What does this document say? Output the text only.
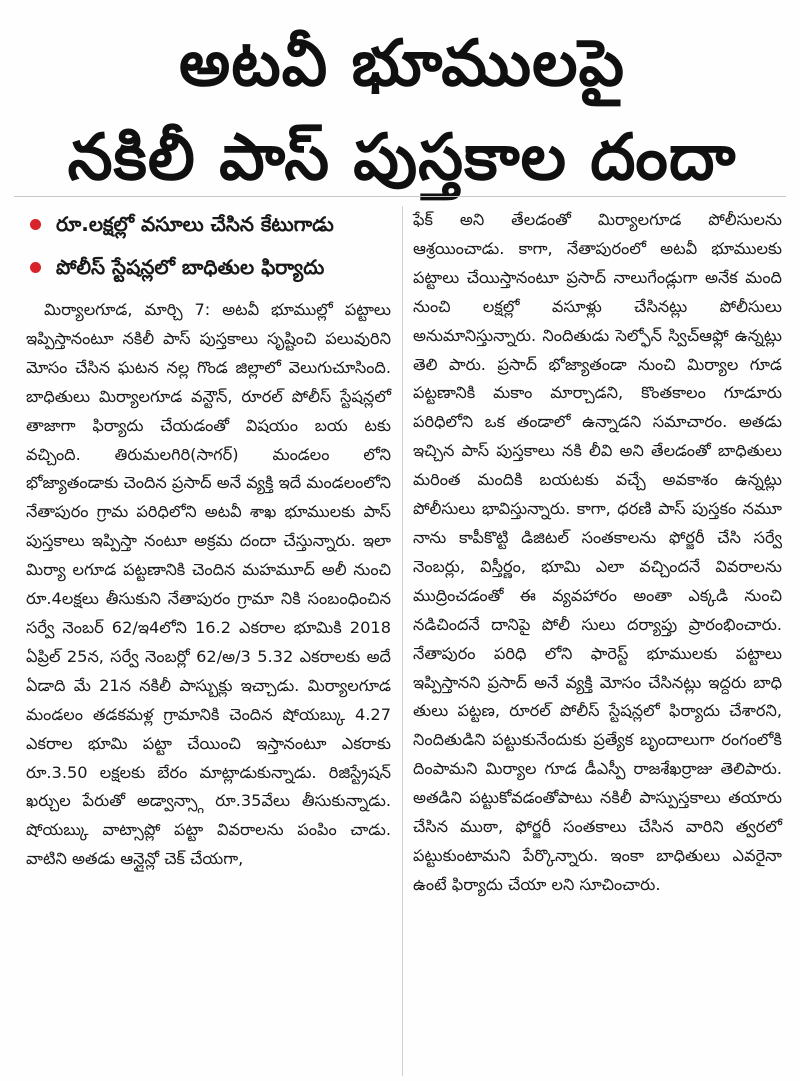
అటవీ భూములపై
నకిలీ పాస్ పుస్తకాల దందా
రూ.లక్షల్లో వసూలు చేసిన కేటుగాడు
పోలీస్ స్టేషన్లలో బాధితుల ఫిర్యాదు
మిర్యాలగూడ, మార్చి 7: అటవీ భూముల్లో పట్టాలు ఇప్పిస్తానంటూ నకిలీ పాస్ పుస్తకాలు సృష్టించి పలువురిని మోసం చేసిన ఘటన నల్ల గొండ జిల్లాలో వెలుగుచూసింది. బాధితులు మిర్యాలగూడ వన్టౌన్, రూరల్ పోలీస్ స్టేషన్లలో తాజాగా ఫిర్యాదు చేయడంతో విషయం బయ టకు వచ్చింది. తిరుమలగిరి(సాగర్) మండలం లోని భోజ్యాతండాకు చెందిన ప్రసాద్ అనే వ్యక్తి ఇదే మండలంలోని నేతాపురం గ్రామ పరిధిలోని అటవీ శాఖ భూములకు పాస్ పుస్తకాలు ఇప్పిస్తా నంటూ అక్రమ దందా చేస్తున్నారు. ఇలా మిర్యా లగూడ పట్టణానికి చెందిన మహమూద్ అలీ నుంచి రూ.4లక్షలు తీసుకుని నేతాపురం గ్రామా నికి సంబంధించిన సర్వే నెంబర్ 62/ఇ4లోని 16.2 ఎకరాల భూమికి 2018 ఏప్రిల్ 25న, సర్వే నెంబర్లో 62/అ/3 5.32 ఎకరాలకు అదే ఏడాది మే 21న నకిలీ పాస్బుక్లు ఇచ్చాడు. మిర్యాలగూడ మండలం తడకమళ్ల గ్రామానికి చెందిన షోయబ్కు 4.27 ఎకరాల భూమి పట్టా చేయించి ఇస్తానంటూ ఎకరాకు రూ.3.50 లక్షలకు బేరం మాట్లాడుకున్నాడు. రిజిస్ట్రేషన్ ఖర్చుల పేరుతో అడ్వాన్స్గా రూ.35వేలు తీసుకున్నాడు. షోయబ్కు వాట్సాప్లో పట్టా వివరాలను పంపిం చాడు. వాటిని అతడు ఆన్లైన్లో చెక్ చేయగా,
ఫేక్ అని తేలడంతో మిర్యాలగూడ పోలీసులను ఆశ్రయించాడు. కాగా, నేతాపురంలో అటవీ భూములకు పట్టాలు చేయిస్తానంటూ ప్రసాద్ నాలుగేండ్లుగా అనేక మంది నుంచి లక్షల్లో వసూళ్లు చేసినట్లు పోలీసులు అనుమానిస్తున్నారు. నిందితుడు సెల్ఫోన్ స్విచ్ఆఫ్లో ఉన్నట్లు తెలి పారు. ప్రసాద్ భోజ్యాతండా నుంచి మిర్యాల గూడ పట్టణానికి మకాం మార్చాడని, కొంతకాలం గూడూరు పరిధిలోని ఒక తండాలో ఉన్నాడని సమాచారం. అతడు ఇచ్చిన పాస్ పుస్తకాలు నకి లీవి అని తేలడంతో బాధితులు మరింత మందికి బయటకు వచ్చే అవకాశం ఉన్నట్లు పోలీసులు భావిస్తున్నారు. కాగా, ధరణి పాస్ పుస్తకం నమూ నాను కాపీకొట్టి డిజిటల్ సంతకాలను ఫోర్జరీ చేసి సర్వే నెంబర్లు, విస్తీర్ణం, భూమి ఎలా వచ్చిందనే వివరాలను ముద్రించడంతో ఈ వ్యవహారం అంతా ఎక్కడి నుంచి నడిచిందనే దానిపై పోలీ సులు దర్యాప్తు ప్రారంభించారు. నేతాపురం పరిధి లోని ఫారెస్ట్ భూములకు పట్టాలు ఇప్పిస్తానని ప్రసాద్ అనే వ్యక్తి మోసం చేసినట్లు ఇద్దరు బాధి తులు పట్టణ, రూరల్ పోలీస్ స్టేషన్లలో ఫిర్యాదు చేశారని, నిందితుడిని పట్టుకునేందుకు ప్రత్యేక బృందాలుగా రంగంలోకి దింపామని మిర్యాల గూడ డీఎస్పీ రాజశేఖర్రాజు తెలిపారు. అతడిని పట్టుకోవడంతోపాటు నకిలీ పాస్పుస్తకాలు తయారు చేసిన ముఠా, ఫోర్జరీ సంతకాలు చేసిన వారిని త్వరలో పట్టుకుంటామని పేర్కొన్నారు. ఇంకా బాధితులు ఎవరైనా ఉంటే ఫిర్యాదు చేయా లని సూచించారు.
